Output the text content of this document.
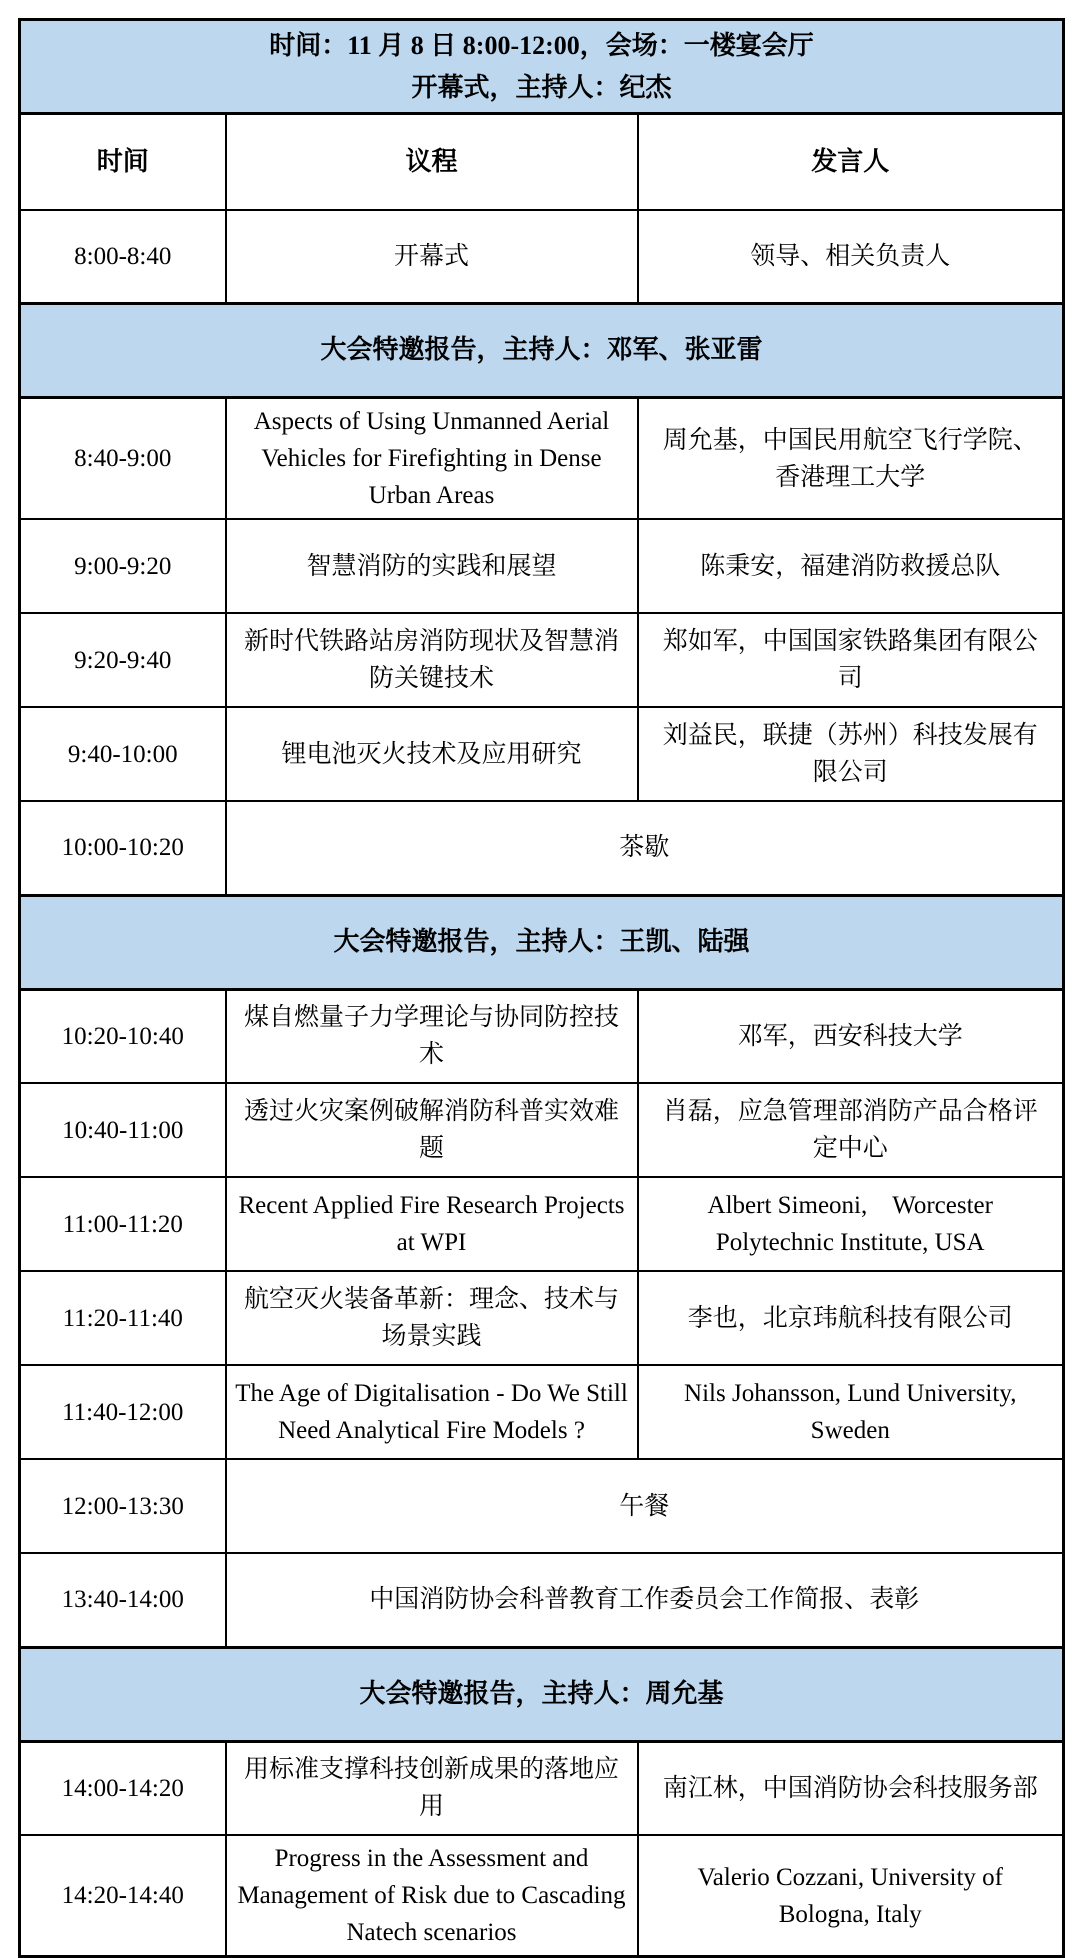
时间：11 月 8 日 8:00-12:00，会场：一楼宴会厅
开幕式，主持人：纪杰		

时间	议程	发言人
8:00-8:40	开幕式	领导、相关负责人
大会特邀报告，主持人：邓军、张亚雷		
8:40-9:00	Aspects of Using Unmanned Aerial Vehicles for Firefighting in Dense Urban Areas	周允基，中国民用航空飞行学院、香港理工大学
9:00-9:20	智慧消防的实践和展望	陈秉安，福建消防救援总队
9:20-9:40	新时代铁路站房消防现状及智慧消防关键技术	郑如军，中国国家铁路集团有限公司
9:40-10:00	锂电池灭火技术及应用研究	刘益民，联捷（苏州）科技发展有限公司
10:00-10:20	茶歇	
大会特邀报告，主持人：王凯、陆强		
10:20-10:40	煤自燃量子力学理论与协同防控技术	邓军，西安科技大学
10:40-11:00	透过火灾案例破解消防科普实效难题	肖磊，应急管理部消防产品合格评定中心
11:00-11:20	Recent Applied Fire Research Projects at WPI	Albert Simeoni,　Worcester Polytechnic Institute, USA
11:20-11:40	航空灭火装备革新：理念、技术与场景实践	李也，北京玮航科技有限公司
11:40-12:00	The Age of Digitalisation - Do We Still Need Analytical Fire Models ?	Nils Johansson, Lund University, Sweden
12:00-13:30	午餐	
13:40-14:00	中国消防协会科普教育工作委员会工作简报、表彰	
大会特邀报告，主持人：周允基		
14:00-14:20	用标准支撑科技创新成果的落地应用	南江林，中国消防协会科技服务部
14:20-14:40	Progress in the Assessment and Management of Risk due to Cascading Natech scenarios	Valerio Cozzani, University of Bologna, Italy
